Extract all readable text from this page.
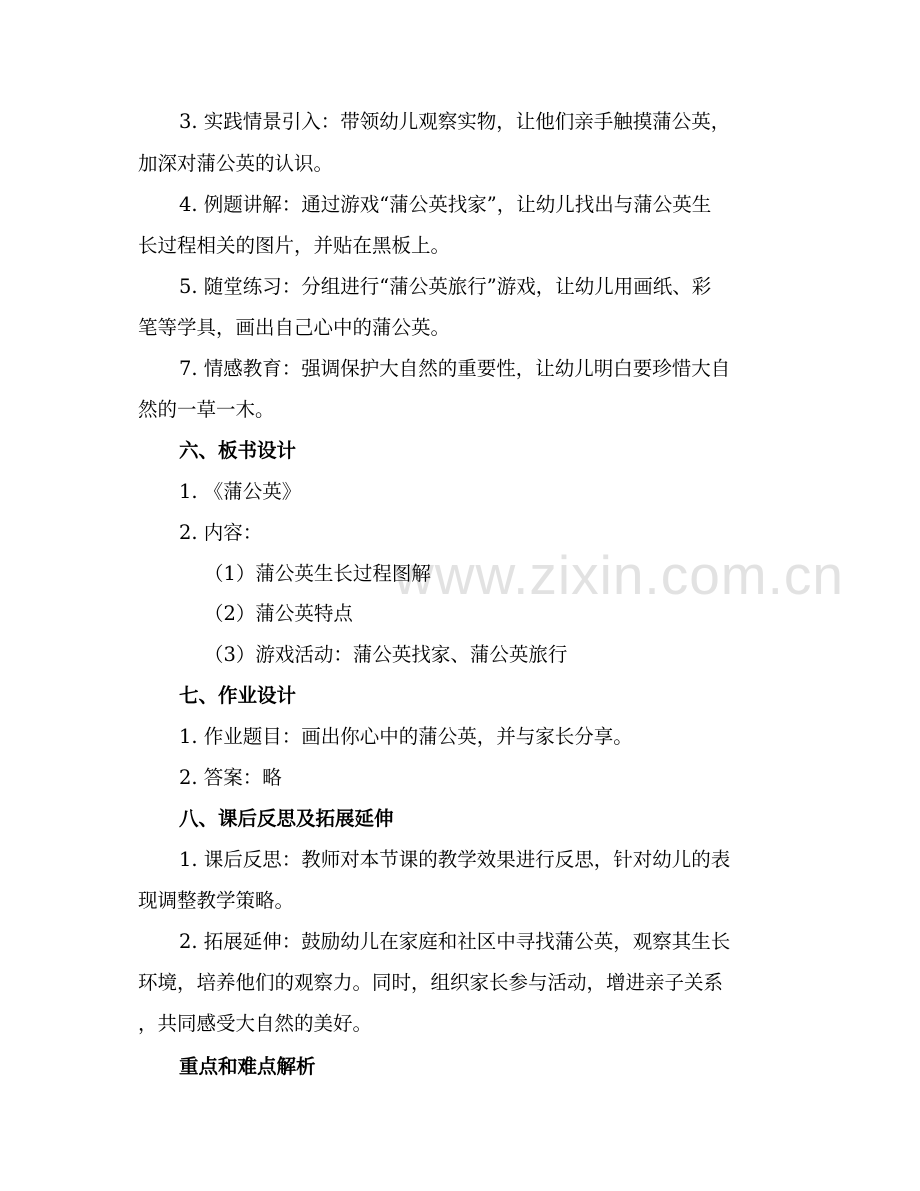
www.zixin.com.cn
3. 实践情景引入：带领幼儿观察实物，让他们亲手触摸蒲公英，
加深对蒲公英的认识。
4. 例题讲解：通过游戏“蒲公英找家”，让幼儿找出与蒲公英生
长过程相关的图片，并贴在黑板上。
5. 随堂练习：分组进行“蒲公英旅行”游戏，让幼儿用画纸、彩
笔等学具，画出自己心中的蒲公英。
7. 情感教育：强调保护大自然的重要性，让幼儿明白要珍惜大自
然的一草一木。
六、板书设计
1. 《蒲公英》
2. 内容：
（1）蒲公英生长过程图解
（2）蒲公英特点
（3）游戏活动：蒲公英找家、蒲公英旅行
七、作业设计
1. 作业题目：画出你心中的蒲公英，并与家长分享。
2. 答案：略
八、课后反思及拓展延伸
1. 课后反思：教师对本节课的教学效果进行反思，针对幼儿的表
现调整教学策略。
2. 拓展延伸：鼓励幼儿在家庭和社区中寻找蒲公英，观察其生长
环境，培养他们的观察力。同时，组织家长参与活动，增进亲子关系
，共同感受大自然的美好。
重点和难点解析
